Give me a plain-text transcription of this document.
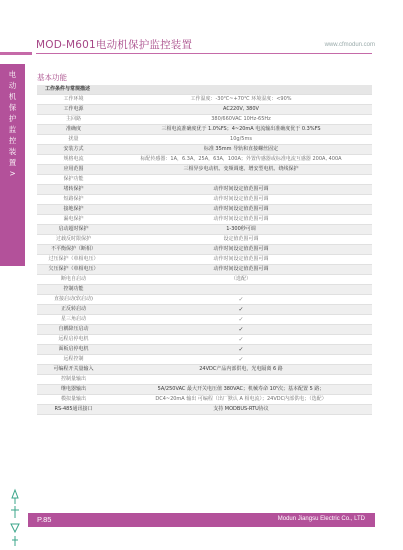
MOD-M601电动机保护监控装置	www.cfmodun.com
电
动
机
保
护
监
控
装
置
>
基本功能
工作条件与常规描述	
工作环境	工作温度：-30℃~+70℃ 环境湿度：<90%
工作电源	AC220V, 380V
主回路	380/660VAC 10Hz-65Hz
准确度	三相电流准确度优于 1.0%FS；4~20mA 电流输出准确度优于 0.3%FS
扰量	10g/5ms
安装方式	标准 35mm 导轨和直接螺丝固定
规格电流	标配传感器：1A，6.3A，25A，63A，100A；外置传感器或标准电流互感器 200A, 400A
应用范围	三相异步电动机、变频调速、增安型电机、绕线保护
保护功能	
堵转保护	动作时间设定值范围可调
短路保护	动作时间设定值范围可调
接地保护	动作时间设定值范围可调
漏电保护	动作时间设定值范围可调
启动超时保护	1-300秒可调
过载反时限保护	设定值范围可调
不平衡保护（断相）	动作时间设定值范围可调
过压保护（单相电压）	动作时间设定值范围可调
欠压保护（单相电压）	动作时间设定值范围可调
断电自启动	（选配）
控制功能	
直接启动(软启动)	✓
正反转启动	✓
星三角启动	✓
自耦降压启动	✓
远程启停电机	✓
面板启停电机	✓
远程控制	✓
可编程开关量输入	24VDC产品内部供电，光电隔离 6 路
控制量输出	
继电器输出	5A/250VAC 最大开关电压值 380VAC；机械寿命 10⁵次；基本配置 5 路；
模拟量输出	DC4~20mA 输出 可编程（出厂默认 A 相电流）；24VDC内部供电；（选配）
RS-485通讯接口	支持 MODBUS-RTU协议
P.85	Modun Jiangsu Electric Co., LTD
